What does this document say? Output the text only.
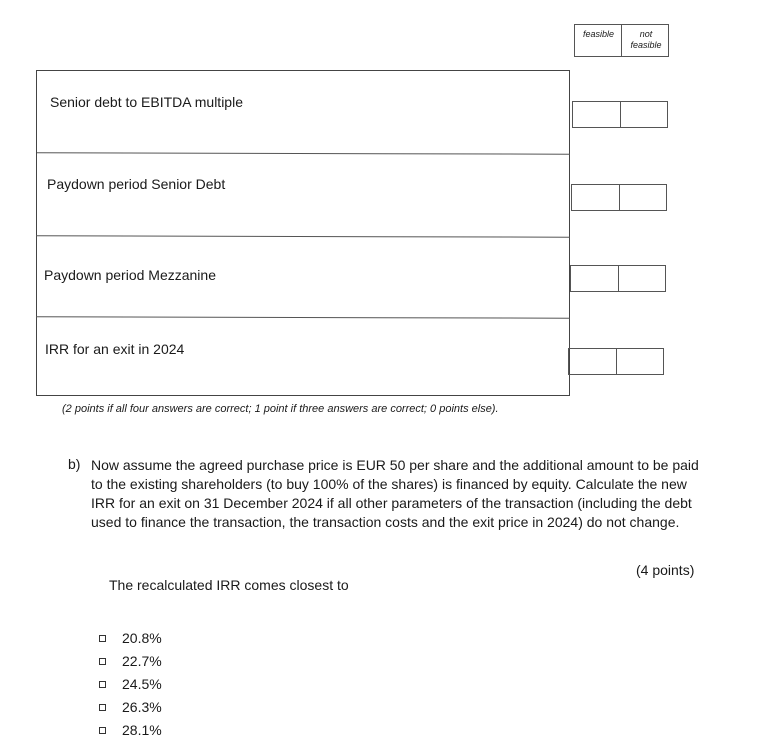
feasible	not feasible
Senior debt to EBITDA multiple
Paydown period Senior Debt
Paydown period Mezzanine
IRR for an exit in 2024
(2 points if all four answers are correct; 1 point if three answers are correct; 0 points else).
b) Now assume the agreed purchase price is EUR 50 per share and the additional amount to be paid to the existing shareholders (to buy 100% of the shares) is financed by equity. Calculate the new IRR for an exit on 31 December 2024 if all other parameters of the transaction (including the debt used to finance the transaction, the transaction costs and the exit price in 2024) do not change.
(4 points)
The recalculated IRR comes closest to
20.8%
22.7%
24.5%
26.3%
28.1%
